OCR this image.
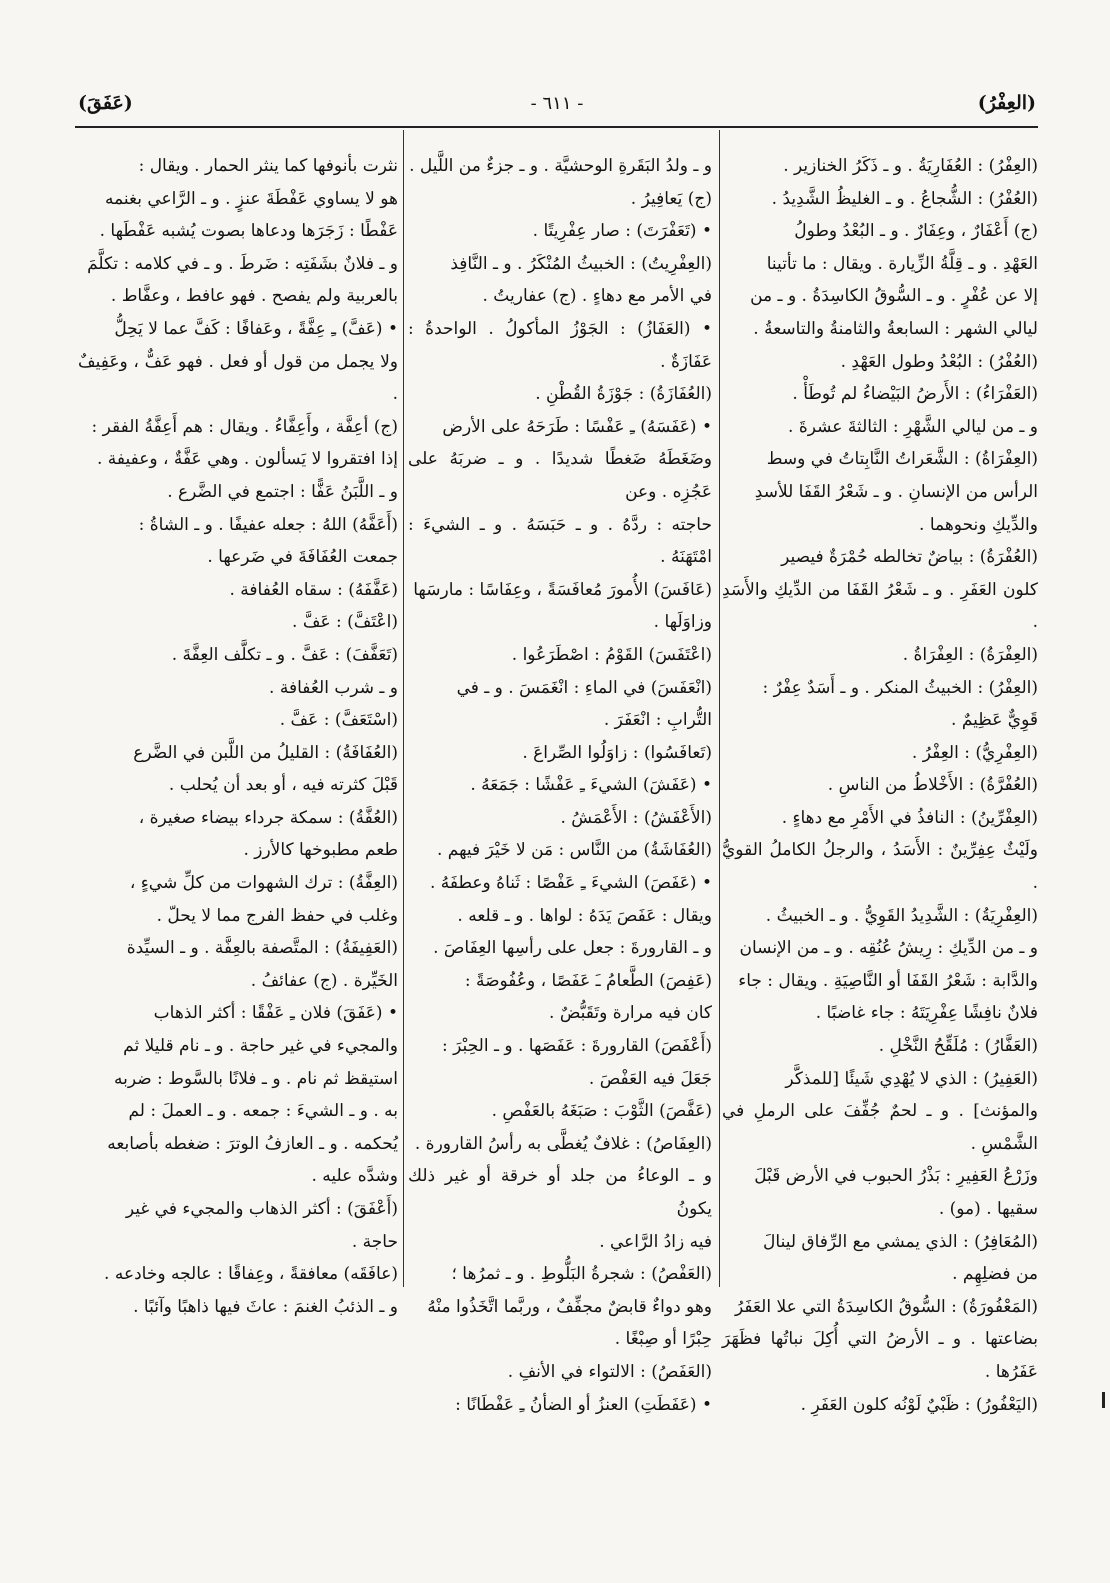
(العِفْرُ)
- ٦١١ -
(عَفَقَ)

(العِفْرُ) : العُفَارِيَةُ . و ـ ذَكَرُ الخنازير .

(العُفْرُ) : الشُّجاعُ . و ـ الغليظُ الشَّدِيدُ .

(ج) أَعْفَارٌ ، وعِفَارٌ . و ـ البُعْدُ وطولُ

العَهْدِ . و ـ قِلَّةُ الزِّيارة . ويقال : ما تأتينا

إلا عن عُفْرٍ . و ـ السُّوقُ الكاسِدَةُ . و ـ من

ليالي الشهر : السابعةُ والثامنةُ والتاسعةُ .

(العُفْرُ) : البُعْدُ وطول العَهْدِ .

(العَفْرَاءُ) : الأَرضُ البَيْضاءُ لم تُوطَأْ .

و ـ من ليالي الشَّهْرِ : الثالثةَ عشرةَ .

(العِفْرَاةُ) : الشَّعَراتُ النَّابِتاتُ في وسط

الرأس من الإنسانِ . و ـ شَعْرُ القَفَا للأسدِ

والدِّيكِ ونحوهما .

(العُفْرَةُ) : بياضٌ تخالطه حُمْرَةٌ فيصير

كلون العَفَرِ . و ـ شَعْرُ القَفَا من الدِّيكِ والأَسَدِ .

(العِفْرَةُ) : العِفْرَاةُ .

(العِفْرُ) : الخبيثُ المنكر . و ـ أَسَدٌ عِفْرٌ :

قَوِيٌّ عَظِيمٌ .

(العِفْرِيُّ) : العِفْرُ .

(العُفْرَّةُ) : الأَخْلاطُ من الناسِ .

(العِفْرِّينُ) : النافذُ في الأَمْرِ مع دهاءٍ .

ولَيْثٌ عِفِرِّينٌ : الأَسَدُ ، والرجلُ الكاملُ القويُّ .

(العِفْرِيَةُ) : الشَّدِيدُ القَوِيُّ . و ـ الخبيثُ .

و ـ من الدِّيكِ : رِيشُ عُنُقِه . و ـ من الإنسان

والدَّابة : شَعْرُ القَفَا أو النَّاصِيَةِ . ويقال : جاء

فلانٌ نافِشًا عِفْرِيَتَهُ : جاء غاضبًا .

(العَفَّارُ) : مُلَقِّحُ النَّخْلِ .

(العَفِيرُ) : الذي لا يُهْدِي شَيئًا [للمذكَّر

والمؤنث] . و ـ لحمٌ جُفِّفَ على الرملِ في الشَّمْسِ .

وزَرْعُ العَفِيرِ : بَذْرُ الحبوب في الأرض قَبْلَ

سقيها . (مو) .

(المُعَافِرُ) : الذي يمشي مع الرِّفاق لينالَ

من فضلِهِم .

(المَعْفُورَةُ) : السُّوقُ الكاسِدَةُ التي علا العَفَرُ

بضاعتها . و ـ الأرضُ التي أُكِلَ نباتُها فظَهَرَ عَفَرُها .

(اليَعْفُورُ) : ظَبْيٌ لَوْنُه كلون العَفَرِ .

و ـ ولدُ البَقَرةِ الوحشيَّة . و ـ جزءٌ من اللَّيل .

(ج) يَعافِيرُ .

• (تَعَفْرَتَ) : صار عِفْرِيتًا .

(العِفْرِيتُ) : الخبيثُ المُنْكَرُ . و ـ النَّافِذ

في الأمر مع دهاءٍ . (ج) عفاريتُ .

• (العَفَازُ) : الجَوْزُ المأكولُ . الواحدةُ : عَفَازَةٌ .

(العُفَازَةُ) : جَوْزَةُ القُطْنِ .

• (عَفَسَهُ) ـِ عَفْسًا : طَرَحَهُ على الأرض

وضَغَطَهُ ضَغطًا شديدًا . و ـ ضربَهُ على عَجُزِه . وعن

حاجته : ردَّهُ . و ـ حَبَسَهُ . و ـ الشيءَ : امْتَهَنَهُ .

(عَافَسَ) الأُمورَ مُعافَسَةً ، وعِفَاسًا : مارسَها

وزاوَلَها .

(اعْتَفَسَ) القَوْمُ : اصْطَرَعُوا .

(انْعَفَسَ) في الماءِ : انْغَمَسَ . و ـ في

التُّرابِ : انْعَفَرَ .

(تَعافَسُوا) : زاوَلُوا الصِّراعَ .

• (عَفَشَ) الشيءَ ـِ عَفْشًا : جَمَعَهُ .

(الأَعْفَشُ) : الأَعْمَشُ .

(العُفَاشَةُ) من النَّاس : مَن لا خَيْرَ فيهم .

• (عَفَصَ) الشيءَ ـِ عَفْصًا : ثَناهُ وعطفَهُ .

ويقال : عَفَصَ يَدَهُ : لواها . و ـ قلعه .

و ـ القارورةَ : جعل على رأسِها العِفَاصَ .

(عَفِصَ) الطَّعامُ ـَ عَفَصًا ، وعُفُوصَةً :

كان فيه مرارة وتَقَبُّضٌ .

(أَعْفَصَ) القارورةَ : عَفَصَها . و ـ الحِبْرَ :

جَعَلَ فيه العَفْصَ .

(عَفَّصَ) الثَّوْبَ : صَبَغَهُ بالعَفْصِ .

(العِفَاصُ) : غلافٌ يُغطَّى به رأسُ القارورة .

و ـ الوعاءُ من جلد أو خرقة أو غير ذلك يكونُ

فيه زادُ الرَّاعي .

(العَفْصُ) : شجرةُ البَلُّوطِ . و ـ ثمرُها ؛

وهو دواءٌ قابضٌ مجفِّفٌ ، وربَّما اتَّخَذُوا منْهُ

حِبْرًا أو صِبْغًا .

(العَفَصُ) : الالتواء في الأنفِ .

• (عَفَطَتِ) العنزُ أو الضأنُ ـِ عَفْطَانًا :

نثرت بأنوفها كما ينثر الحمار . ويقال :

هو لا يساوي عَفْطَةَ عنزٍ . و ـ الرَّاعي بغنمه

عَفْطًا : زَجَرَها ودعاها بصوت يُشبه عَفْطَها .

و ـ فلانٌ بشَفَتِه : ضَرطَ . و ـ في كلامه : تكلَّمَ

بالعربية ولم يفصح . فهو عافط ، وعفَّاط .

• (عَفَّ) ـِ عِفَّةً ، وعَفافًا : كَفَّ عما لا يَحِلُّ

ولا يجمل من قول أو فعل . فهو عَفٌّ ، وعَفِيفٌ .

(ج) أعِفَّة ، وأَعِفَّاءُ . ويقال : هم أَعِفَّةُ الفقر :

إذا افتقروا لا يَسألون . وهي عَفَّةٌ ، وعفيفة .

و ـ اللَّبَنُ عَفًّا : اجتمع في الضَّرع .

(أَعَفَّهُ) اللهُ : جعله عفيفًا . و ـ الشاةُ :

جمعت العُفَافَةَ في ضَرعها .

(عَفَّفَهُ) : سقاه العُفافة .

(اعْتَفَّ) : عَفَّ .

(تَعَفَّفَ) : عَفَّ . و ـ تكلَّف العِفَّةَ .

و ـ شرب العُفافة .

(اسْتَعَفَّ) : عَفَّ .

(العُفَافَةُ) : القليلُ من اللَّبن في الضَّرع

قَبْلَ كثرته فيه ، أو بعد أن يُحلب .

(العُفَّةُ) : سمكة جرداء بيضاء صغيرة ،

طعم مطبوخها كالأرز .

(العِفَّةُ) : ترك الشهوات من كلِّ شيءٍ ،

وغلب في حفظ الفرج مما لا يحلّ .

(العَفِيفَةُ) : المتَّصفة بالعِفَّة . و ـ السيِّدة

الخَيِّرة . (ج) عفائفُ .

• (عَفَقَ) فلان ـِ عَفْقًا : أكثر الذهاب

والمجيء في غير حاجة . و ـ نام قليلا ثم

استيقظ ثم نام . و ـ فلانًا بالسَّوط : ضربه

به . و ـ الشيءَ : جمعه . و ـ العملَ : لم

يُحكمه . و ـ العازفُ الوترَ : ضغطه بأصابعه

وشدَّه عليه .

(أَعْفَقَ) : أكثر الذهاب والمجيء في غير

حاجة .

(عافَقَه) معافقةً ، وعِفاقًا : عالجه وخادعه .

و ـ الذئبُ الغنمَ : عاثَ فيها ذاهبًا وآئبًا .
